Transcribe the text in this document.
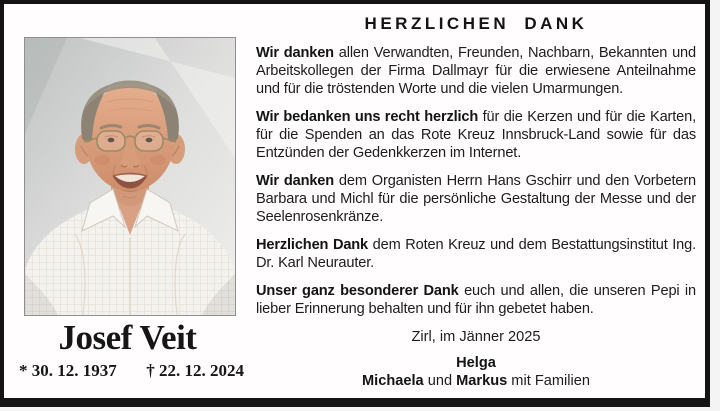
Josef Veit
* 30. 12. 1937 † 22. 12. 2024
HERZLICHEN DANK

Wir danken allen Verwandten, Freunden, Nachbarn, Bekannten und Arbeitskollegen der Firma Dallmayr für die erwiesene Anteilnahme und für die tröstenden Worte und die vielen Umarmungen.

Wir bedanken uns recht herzlich für die Kerzen und für die Karten, für die Spenden an das Rote Kreuz Innsbruck-Land sowie für das Entzünden der Gedenkkerzen im Internet.

Wir danken dem Organisten Herrn Hans Gschirr und den Vorbetern Barbara und Michl für die persönliche Gestaltung der Messe und der Seelenrosenkränze.

Herzlichen Dank dem Roten Kreuz und dem Bestattungsinstitut Ing. Dr. Karl Neurauter.

Unser ganz besonderer Dank euch und allen, die unseren Pepi in lieber Erinnerung behalten und für ihn gebetet haben.

Zirl, im Jänner 2025

Helga

Michaela und Markus mit Familien
